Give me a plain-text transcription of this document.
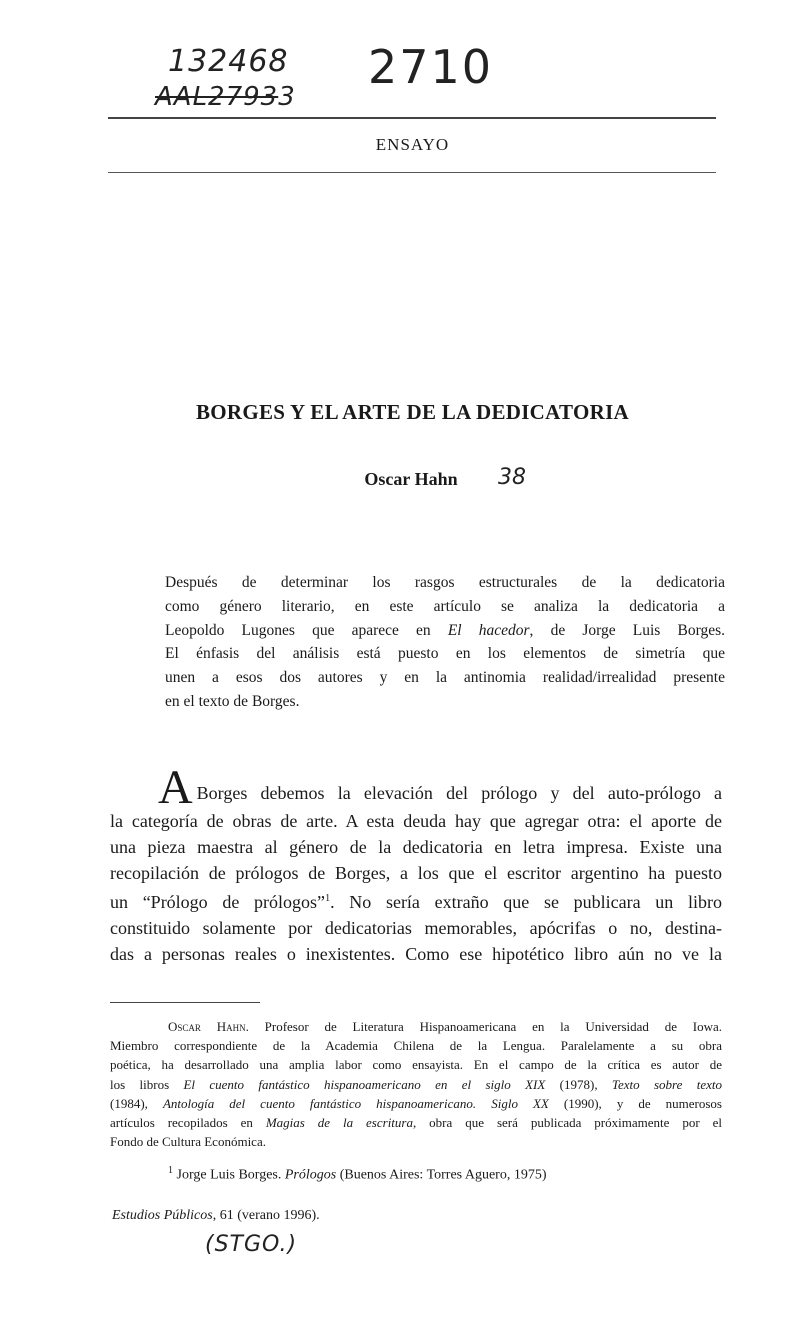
132468
AAL27933
2710
38
ENSAYO
BORGES Y EL ARTE DE LA DEDICATORIA
Oscar Hahn
Después de determinar los rasgos estructurales de la dedicatoria
como género literario, en este artículo se analiza la dedicatoria a
Leopoldo Lugones que aparece en El hacedor, de Jorge Luis Borges.
El énfasis del análisis está puesto en los elementos de simetría que
unen a esos dos autores y en la antinomia realidad/irrealidad presente
en el texto de Borges.
A Borges debemos la elevación del prólogo y del auto-prólogo a
la categoría de obras de arte. A esta deuda hay que agregar otra: el aporte de
una pieza maestra al género de la dedicatoria en letra impresa. Existe una
recopilación de prólogos de Borges, a los que el escritor argentino ha puesto
un “Prólogo de prólogos”$^1$. No sería extraño que se publicara un libro
constituido solamente por dedicatorias memorables, apócrifas o no, destina-
das a personas reales o inexistentes. Como ese hipotético libro aún no ve la
Oscar Hahn. Profesor de Literatura Hispanoamericana en la Universidad de Iowa.
Miembro correspondiente de la Academia Chilena de la Lengua. Paralelamente a su obra
poética, ha desarrollado una amplia labor como ensayista. En el campo de la crítica es autor de
los libros El cuento fantástico hispanoamericano en el siglo XIX (1978), Texto sobre texto
(1984), Antología del cuento fantástico hispanoamericano. Siglo XX (1990), y de numerosos
artículos recopilados en Magias de la escritura, obra que será publicada próximamente por el
Fondo de Cultura Económica.
$^1$ Jorge Luis Borges. Prólogos (Buenos Aires: Torres Aguero, 1975)
Estudios Públicos, 61 (verano 1996).
(STGO.)
